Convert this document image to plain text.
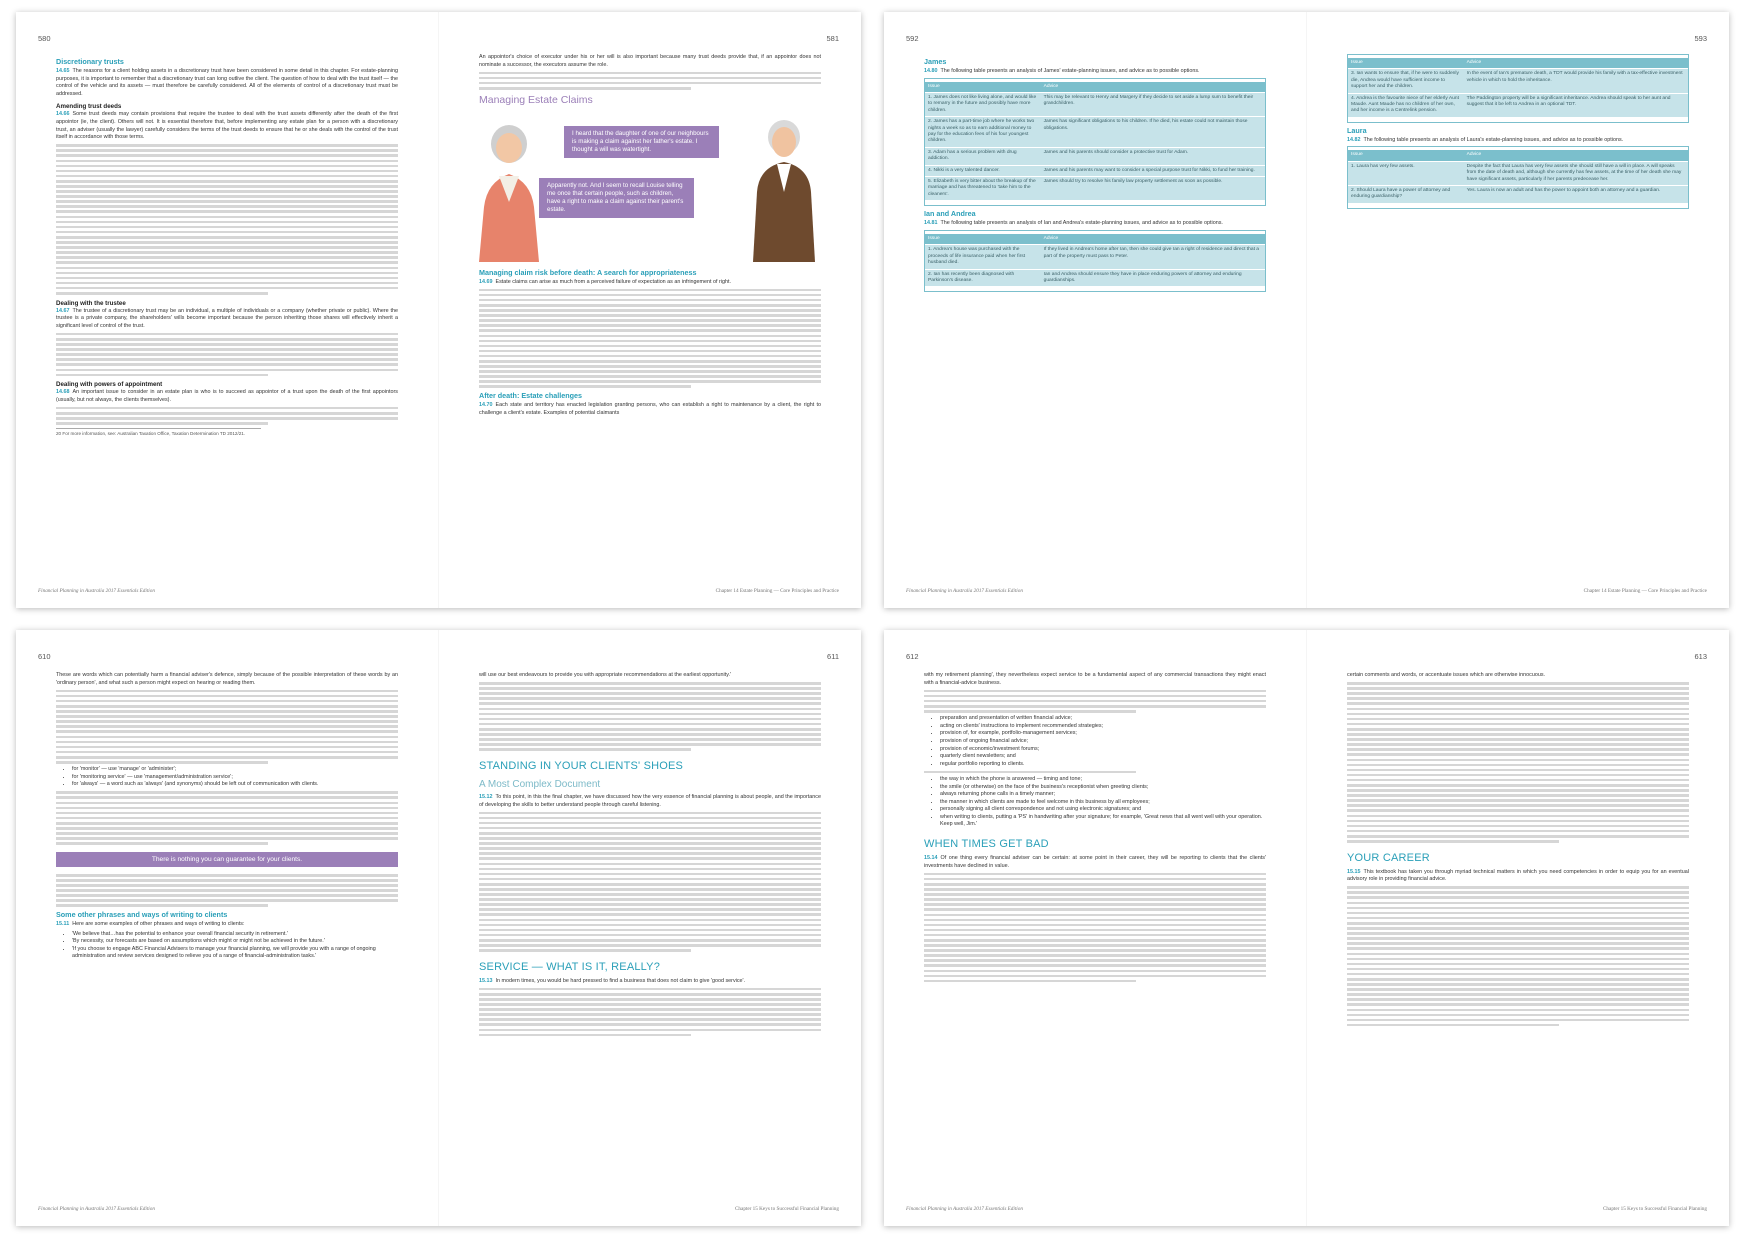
580
Discretionary trusts
14.65 The reasons for a client holding assets in a discretionary trust have been considered in some detail in this chapter. For estate-planning purposes, it is important to remember that a discretionary trust can long outlive the client. The question of how to deal with the trust itself — the control of the vehicle and its assets — must therefore be carefully considered. All of the elements of control of a discretionary trust must be addressed.
Amending trust deeds
14.66 Some trust deeds may contain provisions that require the trustee to deal with the trust assets differently after the death of the first appointor (ie, the client). Others will not. It is essential therefore that, before implementing any estate plan for a person with a discretionary trust, an adviser (usually the lawyer) carefully considers the terms of the trust deeds to ensure that he or she deals with the control of the trust itself in accordance with those terms.
Dealing with the trustee
14.67 The trustee of a discretionary trust may be an individual, a multiple of individuals or a company (whether private or public). Where the trustee is a private company, the shareholders' wills become important because the person inheriting those shares will effectively inherit a significant level of control of the trust.
Dealing with powers of appointment
14.68 An important issue to consider in an estate plan is who is to succeed as appointor of a trust upon the death of the first appointors (usually, but not always, the clients themselves).
20 For more information, see: Australian Taxation Office, Taxation Determination TD 2012/21.
Financial Planning in Australia 2017 Essentials Edition
581
An appointor's choice of executor under his or her will is also important because many trust deeds provide that, if an appointor does not nominate a successor, the executors assume the role.
Managing Estate Claims
I heard that the daughter of one of our neighbours is making a claim against her father's estate. I thought a will was watertight.
Apparently not. And I seem to recall Louise telling me once that certain people, such as children, have a right to make a claim against their parent's estate.
Managing claim risk before death: A search for appropriateness
14.69 Estate claims can arise as much from a perceived failure of expectation as an infringement of right.
After death: Estate challenges
14.70 Each state and territory has enacted legislation granting persons, who can establish a right to maintenance by a client, the right to challenge a client's estate. Examples of potential claimants
Chapter 14 Estate Planning — Core Principles and Practice
592
James
14.80 The following table presents an analysis of James' estate-planning issues, and advice as to possible options.
Issue	Advice
1. James does not like living alone, and would like to remarry in the future and possibly have more children.	This may be relevant to Henry and Margery if they decide to set aside a lump sum to benefit their grandchildren.
2. James has a part-time job where he works two nights a week so as to earn additional money to pay for the education fees of his four youngest children.	James has significant obligations to his children. If he died, his estate could not maintain those obligations.
3. Adam has a serious problem with drug addiction.	James and his parents should consider a protective trust for Adam.
4. Nikki is a very talented dancer.	James and his parents may want to consider a special purpose trust for Nikki, to fund her training.
5. Elizabeth is very bitter about the breakup of the marriage and has threatened to 'take him to the cleaners'.	James should try to resolve his family law property settlement as soon as possible.
Ian and Andrea
14.81 The following table presents an analysis of Ian and Andrea's estate-planning issues, and advice as to possible options.
Issue	Advice
1. Andrea's house was purchased with the proceeds of life insurance paid when her first husband died.	If they lived in Andrea's home after Ian, then she could give Ian a right of residence and direct that a part of the property must pass to Peter.
2. Ian has recently been diagnosed with Parkinson's disease.	Ian and Andrea should ensure they have in place enduring powers of attorney and enduring guardianships.
Financial Planning in Australia 2017 Essentials Edition
593
Issue	Advice
3. Ian wants to ensure that, if he were to suddenly die, Andrea would have sufficient income to support her and the children.	In the event of Ian's premature death, a TDT would provide his family with a tax-effective investment vehicle in which to hold the inheritance.
4. Andrea is the favourite niece of her elderly Aunt Maude. Aunt Maude has no children of her own, and her income is a Centrelink pension.	The Paddington property will be a significant inheritance. Andrea should speak to her aunt and suggest that it be left to Andrea in an optional TDT.
Laura
14.82 The following table presents an analysis of Laura's estate-planning issues, and advice as to possible options.
Issue	Advice
1. Laura has very few assets.	Despite the fact that Laura has very few assets she should still have a will in place. A will speaks from the date of death and, although she currently has few assets, at the time of her death she may have significant assets, particularly if her parents predecease her.
2. Should Laura have a power of attorney and enduring guardianship?	Yes. Laura is now an adult and has the power to appoint both an attorney and a guardian.
Chapter 14 Estate Planning — Core Principles and Practice
610
These are words which can potentially harm a financial adviser's defence, simply because of the possible interpretation of these words by an 'ordinary person', and what such a person might expect on hearing or reading them.
• for 'monitor' — use 'manage' or 'administer';
• for 'monitoring service' — use 'management/administration service';
• for 'always' — a word such as 'always' (and synonyms) should be left out of communication with clients.
There is nothing you can guarantee for your clients.
Some other phrases and ways of writing to clients
15.11 Here are some examples of other phrases and ways of writing to clients:
• 'We believe that…has the potential to enhance your overall financial security in retirement.'
• 'By necessity, our forecasts are based on assumptions which might or might not be achieved in the future.'
• 'If you choose to engage ABC Financial Advisers to manage your financial planning, we will provide you with a range of ongoing administration and review services designed to relieve you of a range of financial-administration tasks.'
Financial Planning in Australia 2017 Essentials Edition
611
will use our best endeavours to provide you with appropriate recommendations at the earliest opportunity.'
STANDING IN YOUR CLIENTS' SHOES
A Most Complex Document
15.12 To this point, in this the final chapter, we have discussed how the very essence of financial planning is about people, and the importance of developing the skills to better understand people through careful listening.
SERVICE — WHAT IS IT, REALLY?
15.13 In modern times, you would be hard pressed to find a business that does not claim to give 'good service'.
Chapter 15 Keys to Successful Financial Planning
612
with my retirement planning', they nevertheless expect service to be a fundamental aspect of any commercial transactions they might enact with a financial-advice business.
• preparation and presentation of written financial advice;
• acting on clients' instructions to implement recommended strategies;
• provision of, for example, portfolio-management services;
• provision of ongoing financial advice;
• provision of economic/investment forums;
• quarterly client newsletters; and
• regular portfolio reporting to clients.
• the way in which the phone is answered — timing and tone;
• the smile (or otherwise) on the face of the business's receptionist when greeting clients;
• always returning phone calls in a timely manner;
• the manner in which clients are made to feel welcome in this business by all employees;
• personally signing all client correspondence and not using electronic signatures; and
• when writing to clients, putting a 'PS' in handwriting after your signature; for example, 'Great news that all went well with your operation. Keep well, Jim.'
WHEN TIMES GET BAD
15.14 Of one thing every financial adviser can be certain: at some point in their career, they will be reporting to clients that the clients' investments have declined in value.
Financial Planning in Australia 2017 Essentials Edition
613
certain comments and words, or accentuate issues which are otherwise innocuous.
YOUR CAREER
15.15 This textbook has taken you through myriad technical matters in which you need competencies in order to equip you for an eventual advisory role in providing financial advice.
Chapter 15 Keys to Successful Financial Planning
